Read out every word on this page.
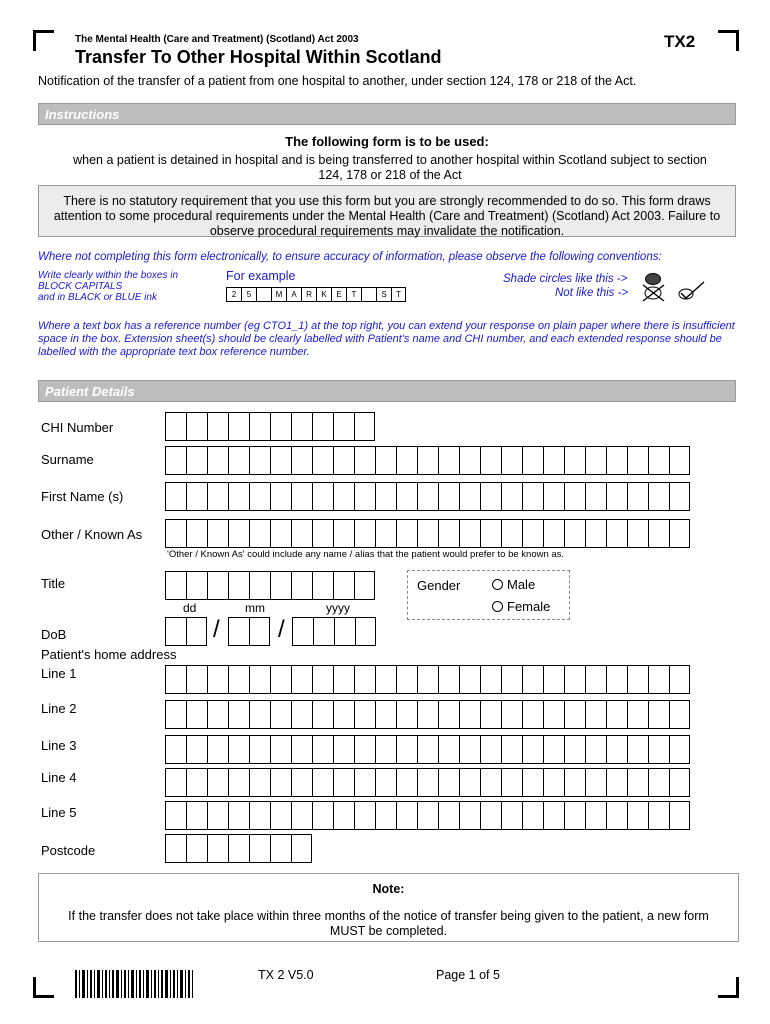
The Mental Health (Care and Treatment) (Scotland) Act 2003	TX2
Transfer To Other Hospital Within Scotland
Notification of the transfer of a patient from one hospital to another, under section 124, 178 or 218 of the Act.
Instructions
The following form is to be used:
when a patient is detained in hospital and is being transferred to another hospital within Scotland subject to section 124, 178 or 218 of the Act
There is no statutory requirement that you use this form but you are strongly recommended to do so. This form draws attention to some procedural requirements under the Mental Health (Care and Treatment) (Scotland) Act 2003. Failure to observe procedural requirements may invalidate the notification.
Where not completing this form electronically, to ensure accuracy of information, please observe the following conventions:
Write clearly within the boxes in
BLOCK CAPITALS
and in BLACK or BLUE ink
For example
2	5	M	A	R	K	E	T	S	T
Shade circles like this ->
Not like this ->
Where a text box has a reference number (eg CTO1_1) at the top right, you can extend your response on plain paper where there is insufficient space in the box. Extension sheet(s) should be clearly labelled with Patient's name and CHI number, and each extended response should be labelled with the appropriate text box reference number.
Patient Details
CHI Number
Surname
First Name (s)
Other / Known As
'Other / Known As' could include any name / alias that the patient would prefer to be known as.
Title	Gender	Male
Female
dd	mm	yyyy
DoB	/ /
Patient's home address
Line 1
Line 2
Line 3
Line 4
Line 5
Postcode
Note:
If the transfer does not take place within three months of the notice of transfer being given to the patient, a new form MUST be completed.
TX 2 V5.0	Page 1 of 5
